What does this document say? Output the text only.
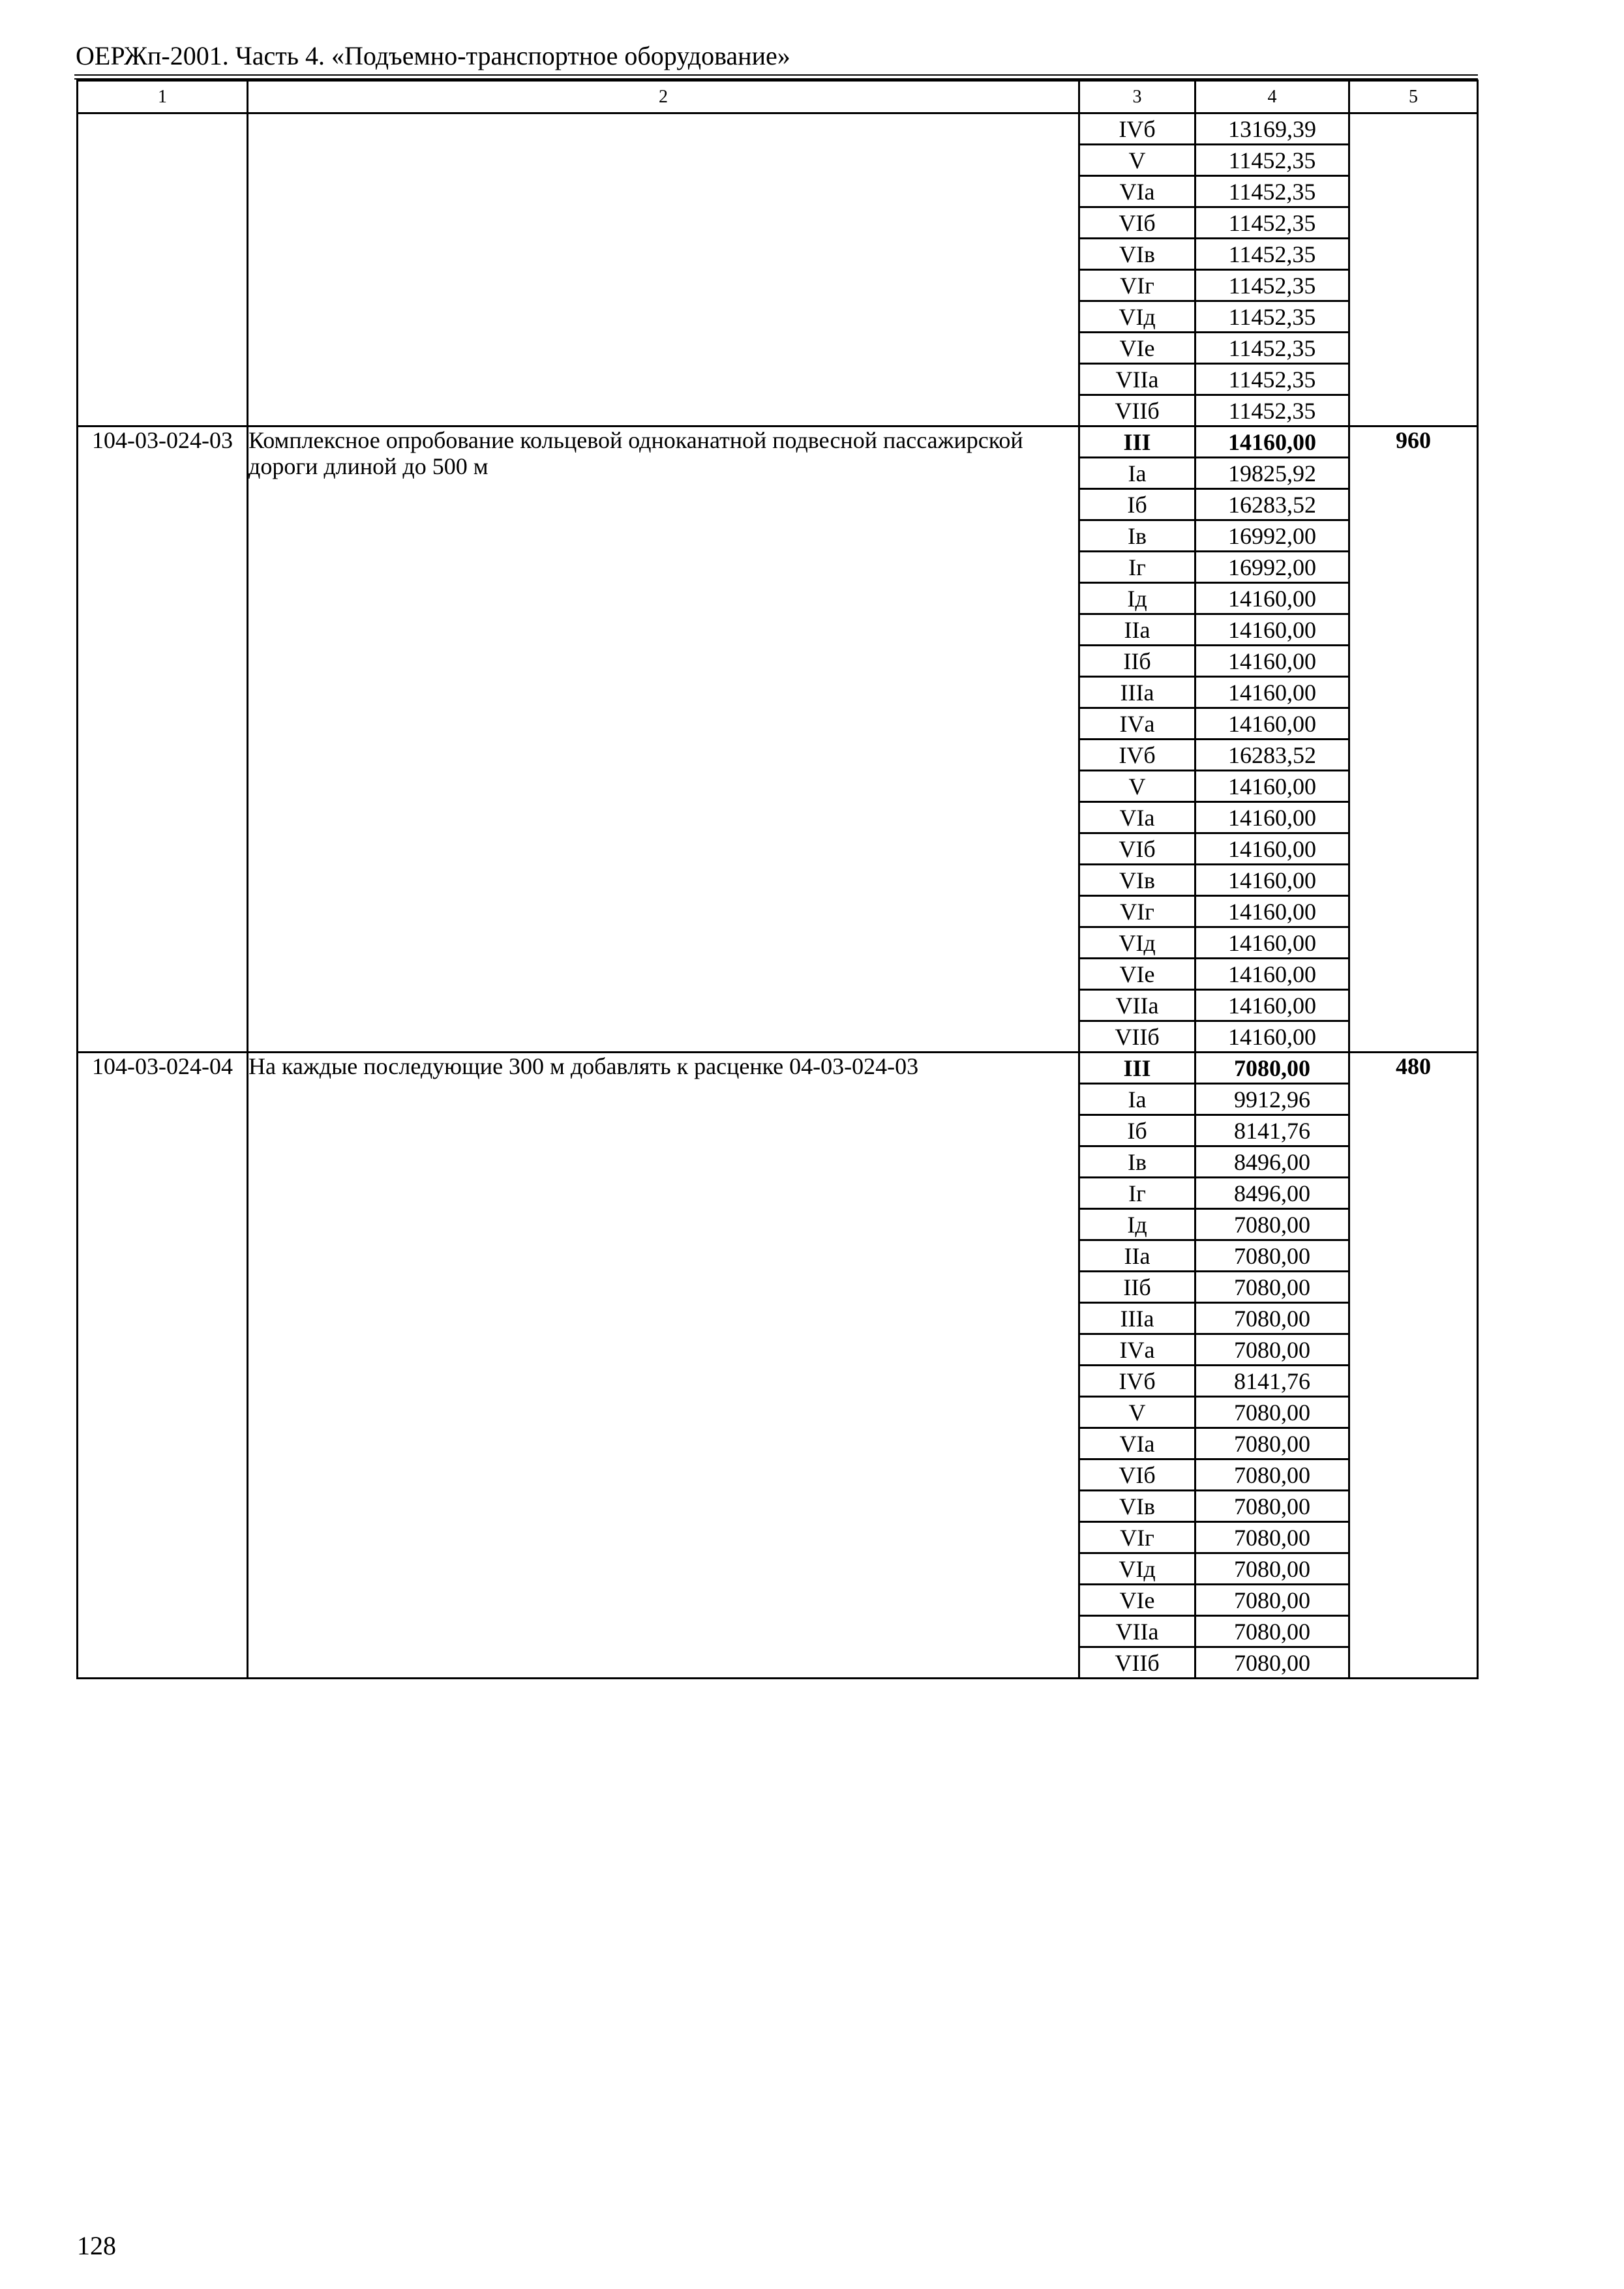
ОЕРЖп-2001. Часть 4. «Подъемно-транспортное оборудование»
1	2	3	4	5
		IVб	13169,39	
		V	11452,35	
		VIа	11452,35	
		VIб	11452,35	
		VIв	11452,35	
		VIг	11452,35	
		VIд	11452,35	
		VIе	11452,35	
		VIIа	11452,35	
		VIIб	11452,35	
104-03-024-03	Комплексное опробование кольцевой одноканатной подвесной пассажирской дороги длиной до 500 м	III	14160,00	960
		Iа	19825,92	
		Iб	16283,52	
		Iв	16992,00	
		Iг	16992,00	
		Iд	14160,00	
		IIа	14160,00	
		IIб	14160,00	
		IIIа	14160,00	
		IVа	14160,00	
		IVб	16283,52	
		V	14160,00	
		VIа	14160,00	
		VIб	14160,00	
		VIв	14160,00	
		VIг	14160,00	
		VIд	14160,00	
		VIе	14160,00	
		VIIа	14160,00	
		VIIб	14160,00	
104-03-024-04	На каждые последующие 300 м добавлять к расценке 04-03-024-03	III	7080,00	480
		Iа	9912,96	
		Iб	8141,76	
		Iв	8496,00	
		Iг	8496,00	
		Iд	7080,00	
		IIа	7080,00	
		IIб	7080,00	
		IIIа	7080,00	
		IVа	7080,00	
		IVб	8141,76	
		V	7080,00	
		VIа	7080,00	
		VIб	7080,00	
		VIв	7080,00	
		VIг	7080,00	
		VIд	7080,00	
		VIе	7080,00	
		VIIа	7080,00	
		VIIб	7080,00	
128
